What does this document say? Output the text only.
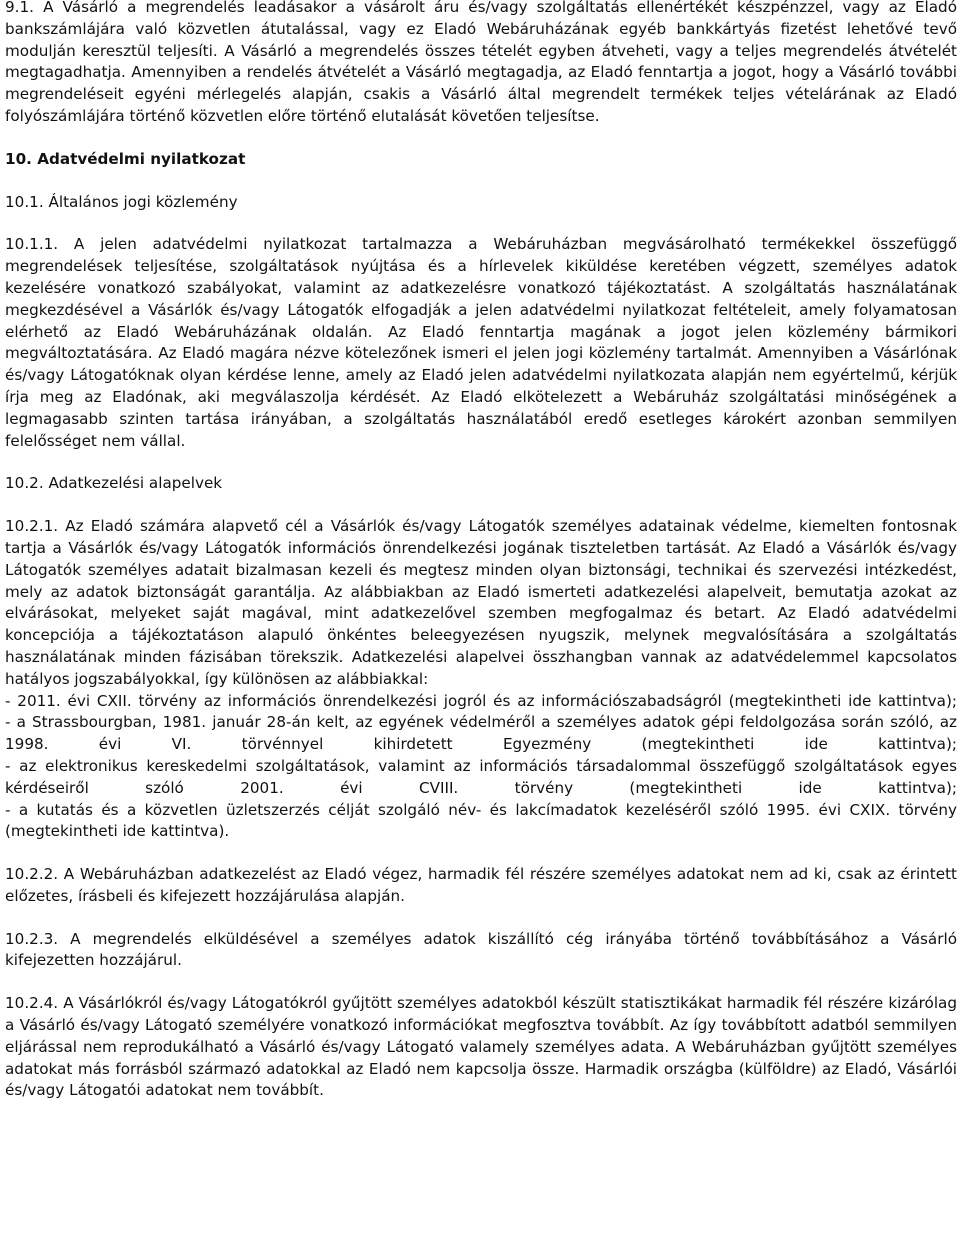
9.1. A Vásárló a megrendelés leadásakor a vásárolt áru és/vagy szolgáltatás ellenértékét készpénzzel, vagy az Eladó bankszámlájára való közvetlen átutalással, vagy ez Eladó Webáruházának egyéb bankkártyás fizetést lehetővé tevő modulján keresztül teljesíti. A Vásárló a megrendelés összes tételét egyben átveheti, vagy a teljes megrendelés átvételét megtagadhatja. Amennyiben a rendelés átvételét a Vásárló megtagadja, az Eladó fenntartja a jogot, hogy a Vásárló további megrendeléseit egyéni mérlegelés alapján, csakis a Vásárló által megrendelt termékek teljes vételárának az Eladó folyószámlájára történő közvetlen előre történő elutalását követően teljesítse.

10. Adatvédelmi nyilatkozat
10.1. Általános jogi közlemény

10.1.1. A jelen adatvédelmi nyilatkozat tartalmazza a Webáruházban megvásárolható termékekkel összefüggő megrendelések teljesítése, szolgáltatások nyújtása és a hírlevelek kiküldése keretében végzett, személyes adatok kezelésére vonatkozó szabályokat, valamint az adatkezelésre vonatkozó tájékoztatást. A szolgáltatás használatának megkezdésével a Vásárlók és/vagy Látogatók elfogadják a jelen adatvédelmi nyilatkozat feltételeit, amely folyamatosan elérhető az Eladó Webáruházának oldalán. Az Eladó fenntartja magának a jogot jelen közlemény bármikori megváltoztatására. Az Eladó magára nézve kötelezőnek ismeri el jelen jogi közlemény tartalmát. Amennyiben a Vásárlónak és/vagy Látogatóknak olyan kérdése lenne, amely az Eladó jelen adatvédelmi nyilatkozata alapján nem egyértelmű, kérjük írja meg az Eladónak, aki megválaszolja kérdését. Az Eladó elkötelezett a Webáruház szolgáltatási minőségének a legmagasabb szinten tartása irányában, a szolgáltatás használatából eredő esetleges károkért azonban semmilyen felelősséget nem vállal.

10.2. Adatkezelési alapelvek

10.2.1. Az Eladó számára alapvető cél a Vásárlók és/vagy Látogatók személyes adatainak védelme, kiemelten fontosnak tartja a Vásárlók és/vagy Látogatók információs önrendelkezési jogának tiszteletben tartását. Az Eladó a Vásárlók és/vagy Látogatók személyes adatait bizalmasan kezeli és megtesz minden olyan biztonsági, technikai és szervezési intézkedést, mely az adatok biztonságát garantálja. Az alábbiakban az Eladó ismerteti adatkezelési alapelveit, bemutatja azokat az elvárásokat, melyeket saját magával, mint adatkezelővel szemben megfogalmaz és betart. Az Eladó adatvédelmi koncepciója a tájékoztatáson alapuló önkéntes beleegyezésen nyugszik, melynek megvalósítására a szolgáltatás használatának minden fázisában törekszik. Adatkezelési alapelvei összhangban vannak az adatvédelemmel kapcsolatos hatályos jogszabályokkal, így különösen az alábbiakkal:

- 2011. évi CXII. törvény az információs önrendelkezési jogról és az információszabadságról (megtekintheti ide kattintva);

- a Strassbourgban, 1981. január 28-án kelt, az egyének védelméről a személyes adatok gépi feldolgozása során szóló, az 1998. évi VI. törvénnyel kihirdetett Egyezmény (megtekintheti ide kattintva);

- az elektronikus kereskedelmi szolgáltatások, valamint az információs társadalommal összefüggő szolgáltatások egyes kérdéseiről szóló 2001. évi CVIII. törvény (megtekintheti ide kattintva);

- a kutatás és a közvetlen üzletszerzés célját szolgáló név- és lakcímadatok kezeléséről szóló 1995. évi CXIX. törvény (megtekintheti ide kattintva).

10.2.2. A Webáruházban adatkezelést az Eladó végez, harmadik fél részére személyes adatokat nem ad ki, csak az érintett előzetes, írásbeli és kifejezett hozzájárulása alapján.

10.2.3. A megrendelés elküldésével a személyes adatok kiszállító cég irányába történő továbbításához a Vásárló kifejezetten hozzájárul.

10.2.4. A Vásárlókról és/vagy Látogatókról gyűjtött személyes adatokból készült statisztikákat harmadik fél részére kizárólag a Vásárló és/vagy Látogató személyére vonatkozó információkat megfosztva továbbít. Az így továbbított adatból semmilyen eljárással nem reprodukálható a Vásárló és/vagy Látogató valamely személyes adata. A Webáruházban gyűjtött személyes adatokat más forrásból származó adatokkal az Eladó nem kapcsolja össze. Harmadik országba (külföldre) az Eladó, Vásárlói és/vagy Látogatói adatokat nem továbbít.
